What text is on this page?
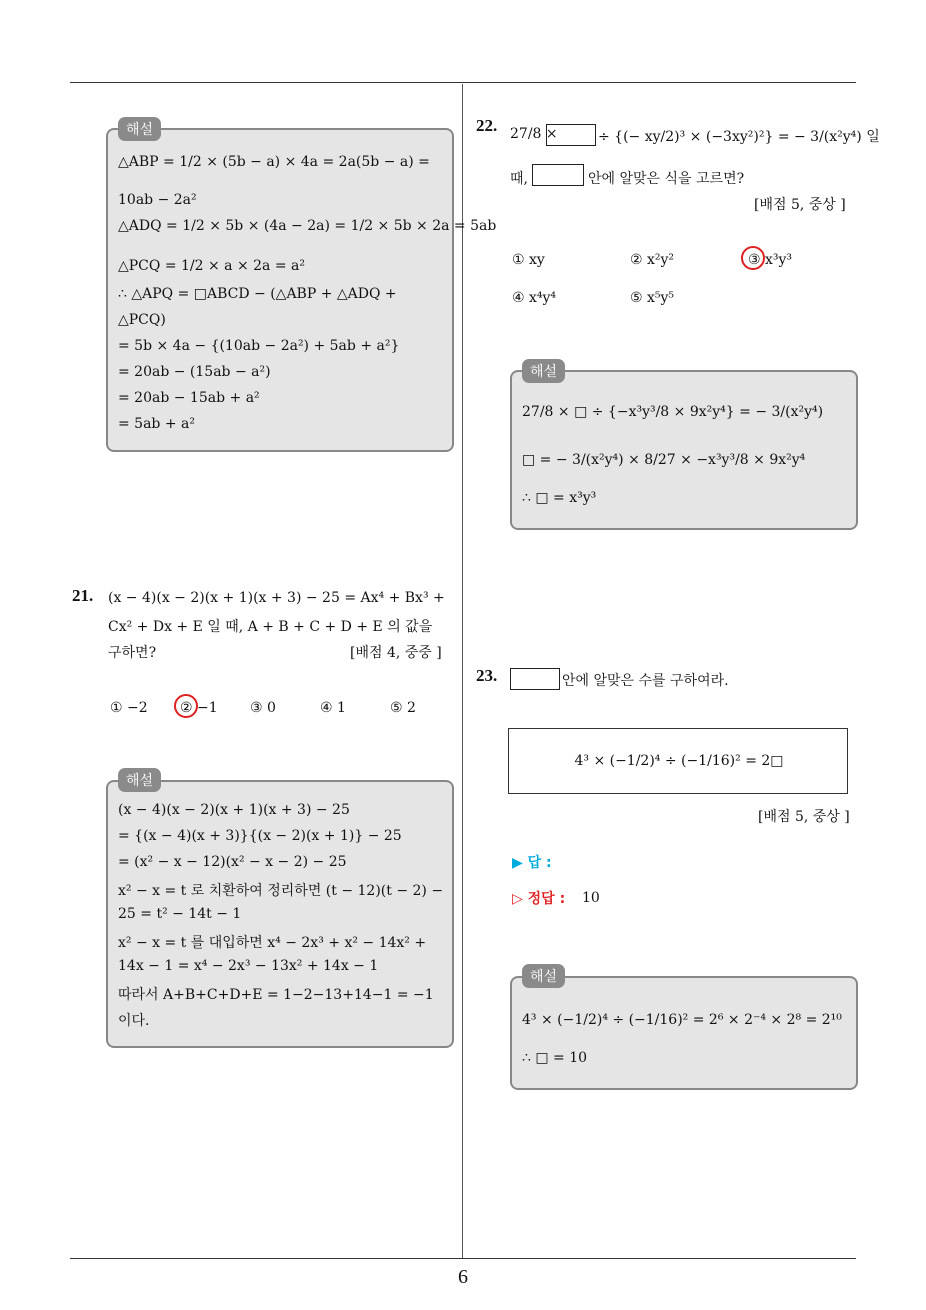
△ABP = 1/2 × (5b − a) × 4a = 2a(5b − a) =
10ab − 2a²
△ADQ = 1/2 × 5b × (4a − 2a) = 1/2 × 5b × 2a = 5ab
△PCQ = 1/2 × a × 2a = a²
∴ △APQ = □ABCD − (△ABP + △ADQ +
△PCQ)
= 5b × 4a − {(10ab − 2a²) + 5ab + a²}
= 20ab − (15ab − a²)
= 20ab − 15ab + a²
= 5ab + a²
해설
21. (x − 4)(x − 2)(x + 1)(x + 3) − 25 = Ax⁴ + Bx³ +
Cx² + Dx + E 일 때, A + B + C + D + E 의 값을
구하면?	[배점 4, 중중 ]
① −2 ② −1 ③ 0	④ 1	⑤ 2
(x − 4)(x − 2)(x + 1)(x + 3) − 25
= {(x − 4)(x + 3)}{(x − 2)(x + 1)} − 25
= (x² − x − 12)(x² − x − 2) − 25
x² − x = t 로 치환하여 정리하면 (t − 12)(t − 2) −
25 = t² − 14t − 1
x² − x = t 를 대입하면 x⁴ − 2x³ + x² − 14x² +
14x − 1 = x⁴ − 2x³ − 13x² + 14x − 1
따라서 A+B+C+D+E = 1−2−13+14−1 = −1
이다.
해설
22. 27/8 ×	÷ {(− xy/2)³ × (−3xy²)²} = − 3/(x²y⁴) 일
때,	안에 알맞은 식을 고르면?
[배점 5, 중상 ]
① xy	② x²y²	③ x³y³
④ x⁴y⁴	⑤ x⁵y⁵
27/8 × □ ÷ {−x³y³/8 × 9x²y⁴} = − 3/(x²y⁴)
□ = − 3/(x²y⁴) × 8/27 × −x³y³/8 × 9x²y⁴
∴ □ = x³y³
해설
23.	안에 알맞은 수를 구하여라.
4³ × (−1/2)⁴ ÷ (−1/16)² = 2□
[배점 5, 중상 ]
▶ 답 :
▷ 정답 : 10
4³ × (−1/2)⁴ ÷ (−1/16)² = 2⁶ × 2⁻⁴ × 2⁸ = 2¹⁰
∴ □ = 10
해설
6
